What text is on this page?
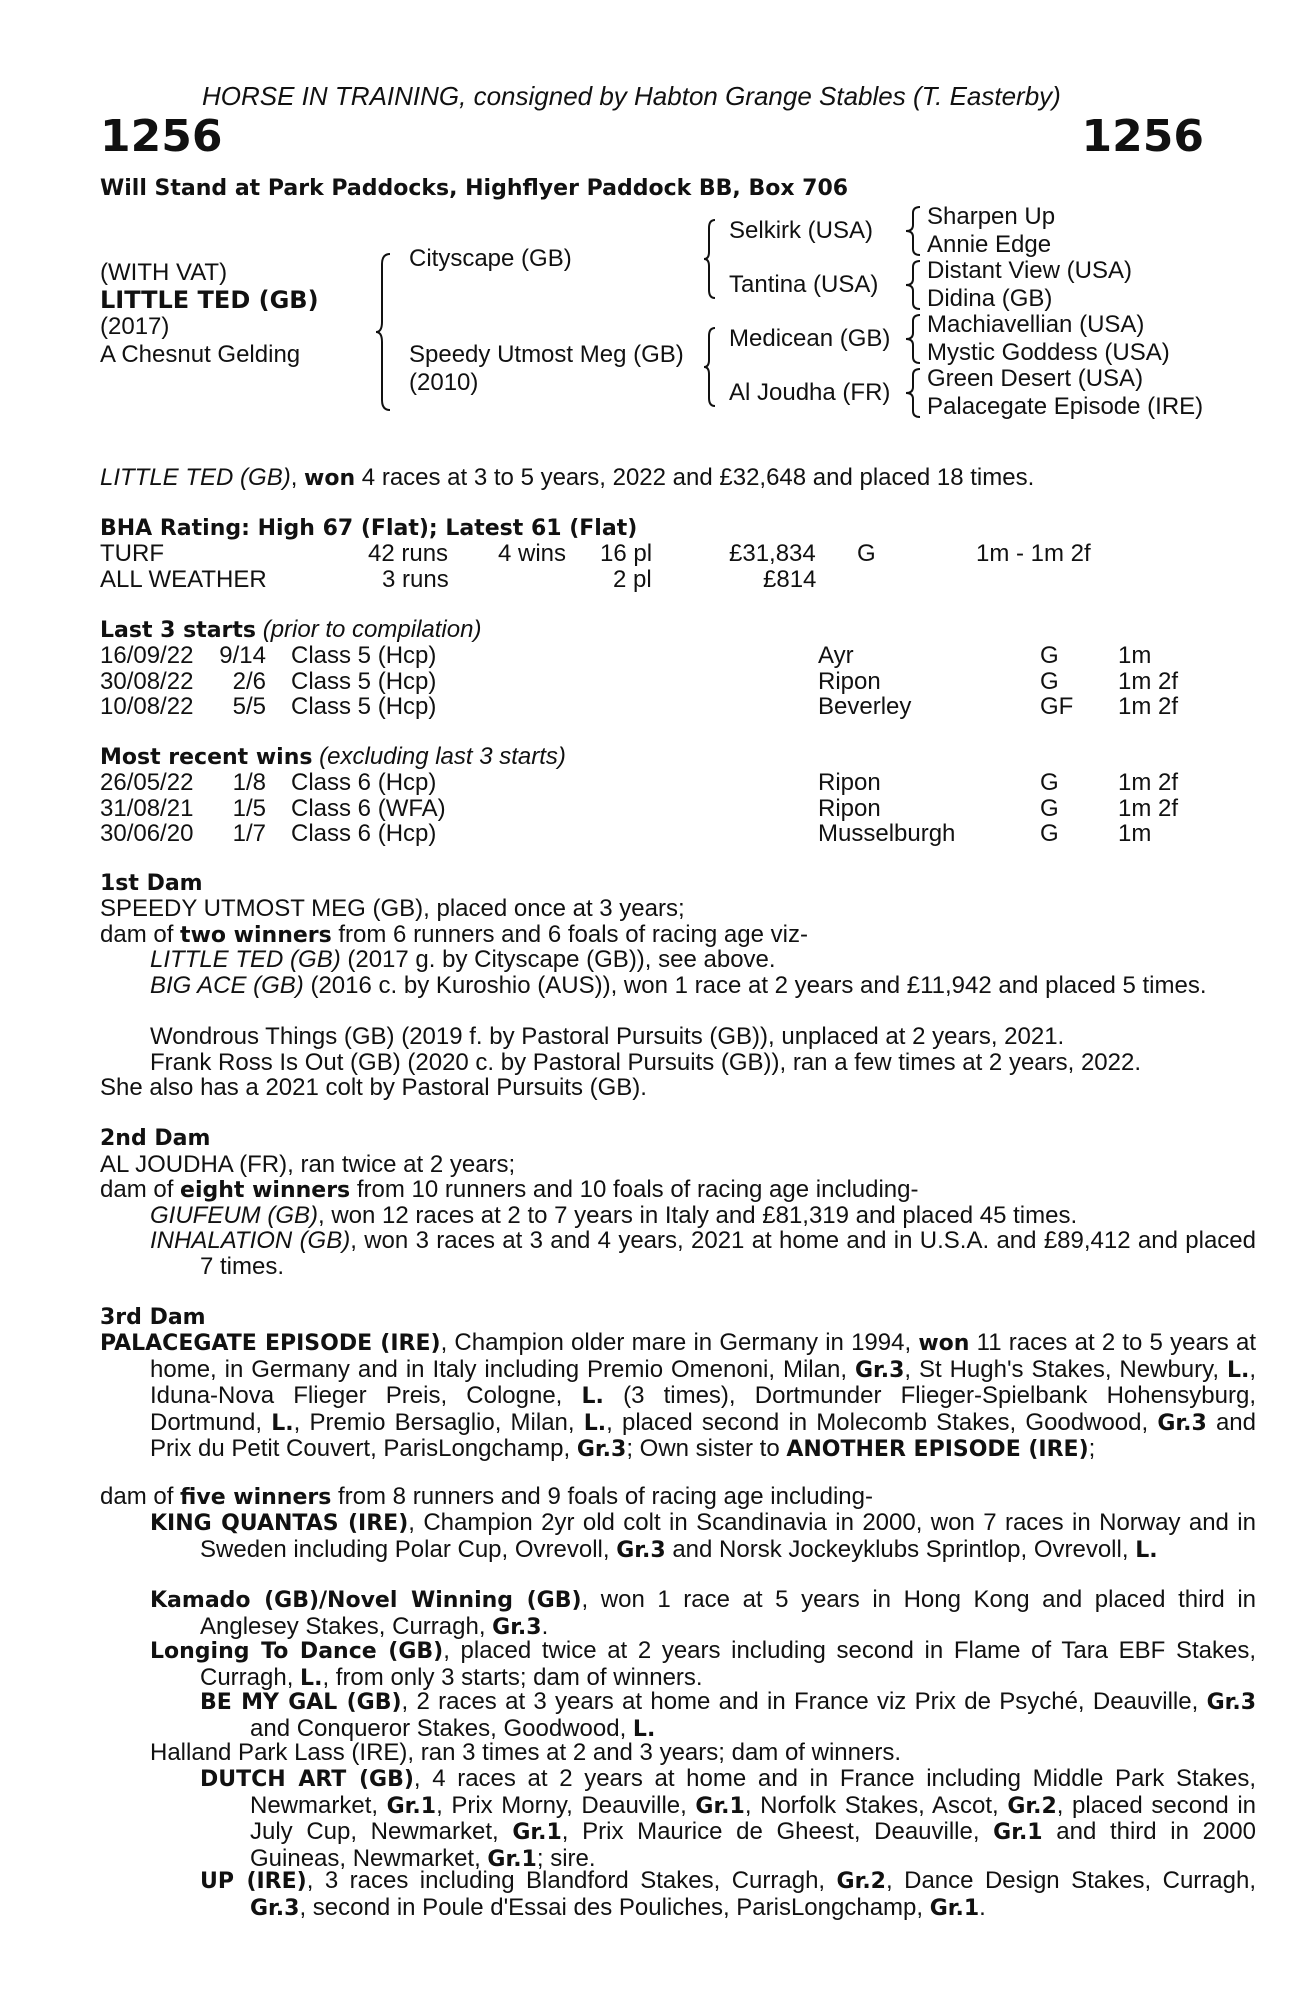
HORSE IN TRAINING, consigned by Habton Grange Stables (T. Easterby)
1256	1256
Will Stand at Park Paddocks, Highflyer Paddock BB, Box 706
(WITH VAT)
LITTLE TED (GB)
(2017)
A Chesnut Gelding
Cityscape (GB)
Speedy Utmost Meg (GB)
(2010)
Selkirk (USA)
Tantina (USA)
Medicean (GB)
Al Joudha (FR)
Sharpen Up
Annie Edge
Distant View (USA)
Didina (GB)
Machiavellian (USA)
Mystic Goddess (USA)
Green Desert (USA)
Palacegate Episode (IRE)
LITTLE TED (GB), won 4 races at 3 to 5 years, 2022 and £32,648 and placed 18 times.
BHA Rating: High 67 (Flat); Latest 61 (Flat)
TURF	42 runs 4 wins 16 pl	£31,834 G	1m - 1m 2f
ALL WEATHER	3 runs	2 pl	£814
Last 3 starts (prior to compilation)
16/09/22 9/14 Class 5 (Hcp)	Ayr	G 1m
30/08/22 2/6 Class 5 (Hcp)	Ripon	G 1m 2f
10/08/22 5/5 Class 5 (Hcp)	Beverley	GF 1m 2f
Most recent wins (excluding last 3 starts)
26/05/22 1/8 Class 6 (Hcp)	Ripon	G 1m 2f
31/08/21 1/5 Class 6 (WFA)	Ripon	G 1m 2f
30/06/20 1/7 Class 6 (Hcp)	Musselburgh	G 1m
1st Dam
SPEEDY UTMOST MEG (GB), placed once at 3 years;
dam of two winners from 6 runners and 6 foals of racing age viz-
LITTLE TED (GB) (2017 g. by Cityscape (GB)), see above.
BIG ACE (GB) (2016 c. by Kuroshio (AUS)), won 1 race at 2 years and £11,942 and placed 5 times.
Wondrous Things (GB) (2019 f. by Pastoral Pursuits (GB)), unplaced at 2 years, 2021.
Frank Ross Is Out (GB) (2020 c. by Pastoral Pursuits (GB)), ran a few times at 2 years, 2022.
She also has a 2021 colt by Pastoral Pursuits (GB).
2nd Dam
AL JOUDHA (FR), ran twice at 2 years;
dam of eight winners from 10 runners and 10 foals of racing age including-
GIUFEUM (GB), won 12 races at 2 to 7 years in Italy and £81,319 and placed 45 times.
INHALATION (GB), won 3 races at 3 and 4 years, 2021 at home and in U.S.A. and £89,412 and placed 7 times.
3rd Dam
PALACEGATE EPISODE (IRE), Champion older mare in Germany in 1994, won 11 races at 2 to 5 years at home, in Germany and in Italy including Premio Omenoni, Milan, Gr.3, St Hugh's Stakes, Newbury, L., Iduna-Nova Flieger Preis, Cologne, L. (3 times), Dortmunder Flieger-Spielbank Hohensyburg, Dortmund, L., Premio Bersaglio, Milan, L., placed second in Molecomb Stakes, Goodwood, Gr.3 and Prix du Petit Couvert, ParisLongchamp, Gr.3; Own sister to ANOTHER EPISODE (IRE);
dam of five winners from 8 runners and 9 foals of racing age including-
KING QUANTAS (IRE), Champion 2yr old colt in Scandinavia in 2000, won 7 races in Norway and in Sweden including Polar Cup, Ovrevoll, Gr.3 and Norsk Jockeyklubs Sprintlop, Ovrevoll, L.
Kamado (GB)/Novel Winning (GB), won 1 race at 5 years in Hong Kong and placed third in Anglesey Stakes, Curragh, Gr.3.
Longing To Dance (GB), placed twice at 2 years including second in Flame of Tara EBF Stakes, Curragh, L., from only 3 starts; dam of winners.
BE MY GAL (GB), 2 races at 3 years at home and in France viz Prix de Psyché, Deauville, Gr.3 and Conqueror Stakes, Goodwood, L.
Halland Park Lass (IRE), ran 3 times at 2 and 3 years; dam of winners.
DUTCH ART (GB), 4 races at 2 years at home and in France including Middle Park Stakes, Newmarket, Gr.1, Prix Morny, Deauville, Gr.1, Norfolk Stakes, Ascot, Gr.2, placed second in July Cup, Newmarket, Gr.1, Prix Maurice de Gheest, Deauville, Gr.1 and third in 2000 Guineas, Newmarket, Gr.1; sire.
UP (IRE), 3 races including Blandford Stakes, Curragh, Gr.2, Dance Design Stakes, Curragh, Gr.3, second in Poule d'Essai des Pouliches, ParisLongchamp, Gr.1.
